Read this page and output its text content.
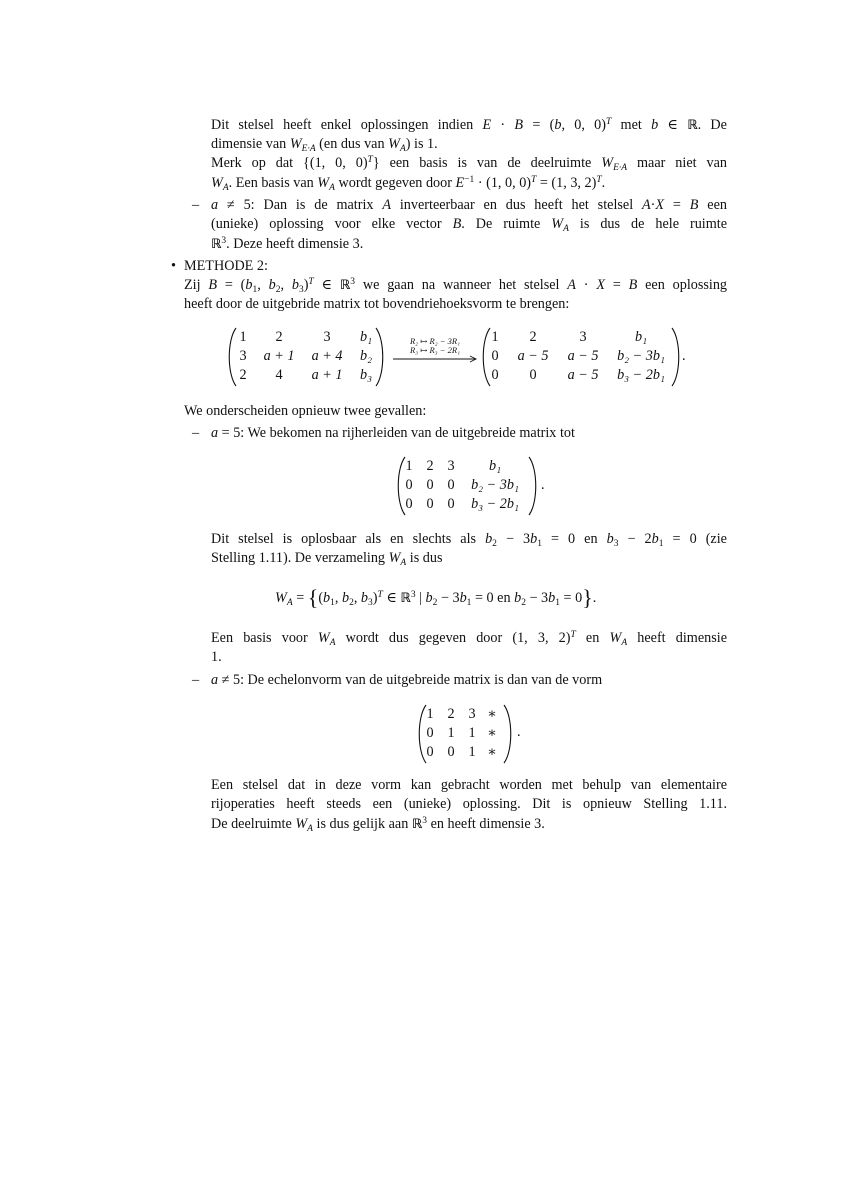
Dit stelsel heeft enkel oplossingen indien E · B = (b, 0, 0)$^T$ met b ∈ ℝ. De
dimensie van $W_{E\cdot A}$ (en dus van $W_A$) is 1.
Merk op dat {(1, 0, 0)$^T$} een basis is van de deelruimte $W_{E\cdot A}$ maar niet van
$W_A$. Een basis van $W_A$ wordt gegeven door $E^{-1} \cdot (1$, 0, 0)$^T$ = (1, 3, 2)$^T$.
– a ≠ 5: Dan is de matrix A inverteerbaar en dus heeft het stelsel A·X = B een
(unieke) oplossing voor elke vector B. De ruimte $W_A$ is dus de hele ruimte
ℝ$^3$. Deze heeft dimensie 3.
• METHODE 2:
Zij $B = (b_1$, $b_2$, $b_3)^T$ ∈ ℝ$^3$ we gaan na wanneer het stelsel A · X = B een oplossing
heeft door de uitgebride matrix tot bovendriehoeksvorm te brengen:
1	2	3	b₁
3	a + 1	a + 4	b₂
2	4	a + 1	b₃
R₂ ↦ R₂ − 3R₁
R₃ ↦ R₃ − 2R₁
1	2	3	b₁
0	a − 5	a − 5	b₂ − 3b₁
0	0	a − 5	b₃ − 2b₁
.
We onderscheiden opnieuw twee gevallen:
– a = 5: We bekomen na rijherleiden van de uitgebreide matrix tot
1 2 3	b₁
0 0 0	b₂ − 3b₁
0 0 0	b₃ − 2b₁
.
Dit stelsel is oplosbaar als en slechts als $b_2 - 3b_1 = 0$ en $b_3 - 2b_1 = 0$ (zie
Stelling 1.11). De verzameling $W_A$ is dus
$W_A = \{(b_1$, $b_2$, $b_3)^T$ ∈ ℝ$^3$ | $b_2 - 3b_1 = 0$ en $b_2 - 3b_1 = 0$}.
Een basis voor $W_A$ wordt dus gegeven door (1, 3, 2)$^T$ en $W_A$ heeft dimensie
1.
– a ≠ 5: De echelonvorm van de uitgebreide matrix is dan van de vorm
1 2 3 ∗
0 1 1 ∗
0 0 1 ∗
.
Een stelsel dat in deze vorm kan gebracht worden met behulp van elementaire
rijoperaties heeft steeds een (unieke) oplossing. Dit is opnieuw Stelling 1.11.
De deelruimte $W_A$ is dus gelijk aan ℝ$^3$ en heeft dimensie 3.
